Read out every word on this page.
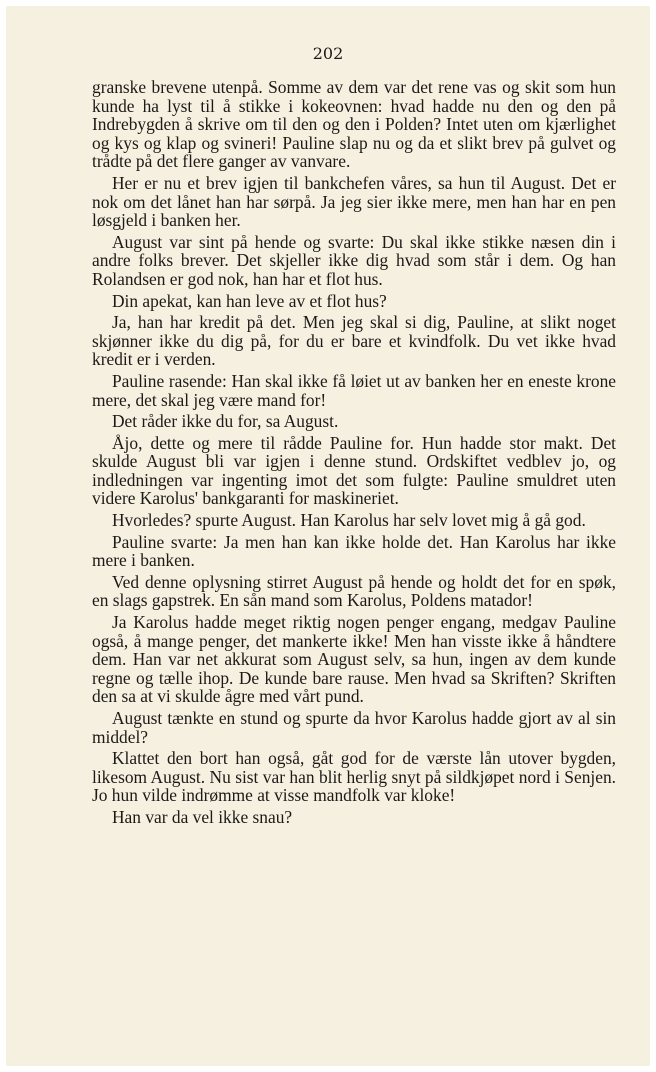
202

granske brevene utenpå. Somme av dem var det rene vas og skit som hun kunde ha lyst til å stikke i kokeovnen: hvad hadde nu den og den på Indrebygden å skrive om til den og den i Polden? Intet uten om kjærlighet og kys og klap og svineri! Pauline slap nu og da et slikt brev på gulvet og trådte på det flere ganger av vanvare.

Her er nu et brev igjen til bankchefen våres, sa hun til August. Det er nok om det lånet han har sørpå. Ja jeg sier ikke mere, men han har en pen løsgjeld i banken her.

August var sint på hende og svarte: Du skal ikke stikke næsen din i andre folks brever. Det skjeller ikke dig hvad som står i dem. Og han Rolandsen er god nok, han har et flot hus.

Din apekat, kan han leve av et flot hus?

Ja, han har kredit på det. Men jeg skal si dig, Pauline, at slikt noget skjønner ikke du dig på, for du er bare et kvindfolk. Du vet ikke hvad kredit er i verden.

Pauline rasende: Han skal ikke få løiet ut av banken her en eneste krone mere, det skal jeg være mand for!

Det råder ikke du for, sa August.

Åjo, dette og mere til rådde Pauline for. Hun hadde stor makt. Det skulde August bli var igjen i denne stund. Ordskiftet vedblev jo, og indledningen var ingenting imot det som fulgte: Pauline smuldret uten videre Karolus' bankgaranti for maskineriet.

Hvorledes? spurte August. Han Karolus har selv lovet mig å gå god.

Pauline svarte: Ja men han kan ikke holde det. Han Karolus har ikke mere i banken.

Ved denne oplysning stirret August på hende og holdt det for en spøk, en slags gapstrek. En sån mand som Karolus, Poldens matador!

Ja Karolus hadde meget riktig nogen penger engang, medgav Pauline også, å mange penger, det mankerte ikke! Men han visste ikke å håndtere dem. Han var net akkurat som August selv, sa hun, ingen av dem kunde regne og tælle ihop. De kunde bare rause. Men hvad sa Skriften? Skriften den sa at vi skulde ågre med vårt pund.

August tænkte en stund og spurte da hvor Karolus hadde gjort av al sin middel?

Klattet den bort han også, gåt god for de værste lån utover bygden, likesom August. Nu sist var han blit herlig snyt på sildkjøpet nord i Senjen. Jo hun vilde indrømme at visse mandfolk var kloke!

Han var da vel ikke snau?
